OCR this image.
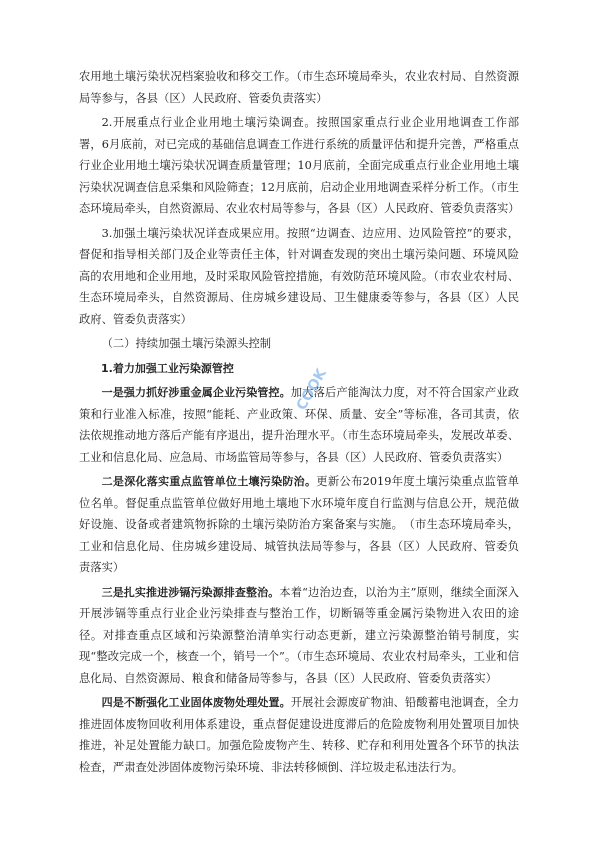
农用地土壤污染状况档案验收和移交工作。（市生态环境局牵头，农业农村局、自然资源局等参与，各县（区）人民政府、管委负责落实）

2.开展重点行业企业用地土壤污染调查。按照国家重点行业企业用地调查工作部署，6月底前，对已完成的基础信息调查工作进行系统的质量评估和提升完善，严格重点行业企业用地土壤污染状况调查质量管理；10月底前，全面完成重点行业企业用地土壤污染状况调查信息采集和风险筛查；12月底前，启动企业用地调查采样分析工作。（市生态环境局牵头，自然资源局、农业农村局等参与，各县（区）人民政府、管委负责落实）

3.加强土壤污染状况详查成果应用。按照“边调查、边应用、边风险管控”的要求，督促和指导相关部门及企业等责任主体，针对调查发现的突出土壤污染问题、环境风险高的农用地和企业用地，及时采取风险管控措施，有效防范环境风险。（市农业农村局、生态环境局牵头，自然资源局、住房城乡建设局、卫生健康委等参与，各县（区）人民政府、管委负责落实）

（二）持续加强土壤污染源头控制

1.着力加强工业污染源管控

一是强力抓好涉重金属企业污染管控。加大落后产能淘汰力度，对不符合国家产业政策和行业准入标准，按照“能耗、产业政策、环保、质量、安全”等标准，各司其责，依法依规推动地方落后产能有序退出，提升治理水平。（市生态环境局牵头，发展改革委、工业和信息化局、应急局、市场监管局等参与，各县（区）人民政府、管委负责落实）

二是深化落实重点监管单位土壤污染防治。更新公布2019年度土壤污染重点监管单位名单。督促重点监管单位做好用地土壤地下水环境年度自行监测与信息公开，规范做好设施、设备或者建筑物拆除的土壤污染防治方案备案与实施。　（市生态环境局牵头，工业和信息化局、住房城乡建设局、城管执法局等参与，各县（区）人民政府、管委负责落实）

三是扎实推进涉镉污染源排查整治。本着“边治边查，以治为主”原则，继续全面深入开展涉镉等重点行业企业污染排查与整治工作，切断镉等重金属污染物进入农田的途径。对排查重点区域和污染源整治清单实行动态更新，建立污染源整治销号制度，实现“整改完成一个，核查一个，销号一个”。（市生态环境局、农业农村局牵头，工业和信息化局、自然资源局、粮食和储备局等参与，各县（区）人民政府、管委负责落实）

四是不断强化工业固体废物处理处置。开展社会源废矿物油、铅酸蓄电池调查，全力推进固体废物回收利用体系建设，重点督促建设进度滞后的危险废物利用处置项目加快推进，补足处置能力缺口。加强危险废物产生、转移、贮存和利用处置各个环节的执法检查，严肃查处涉固体废物污染环境、非法转移倾倒、洋垃圾走私违法行为。

COOK
